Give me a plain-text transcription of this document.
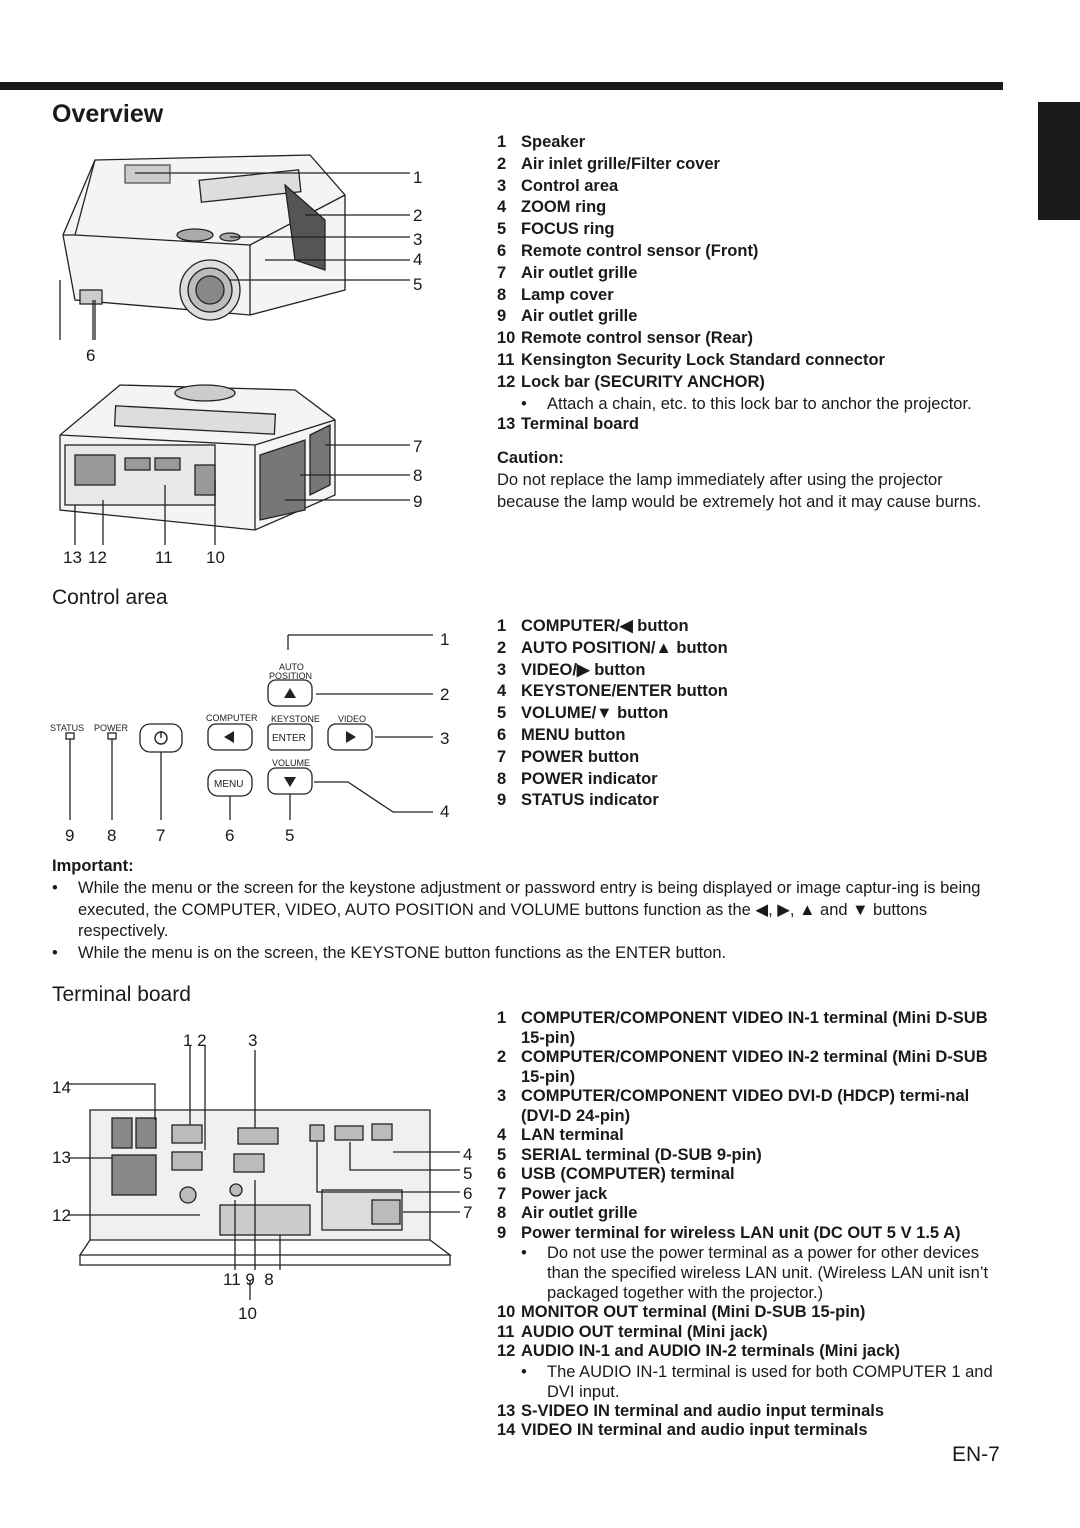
ENGLISH
Overview
1
2
3
4
5
6
7
8
9
13 12	11 10
1 Speaker
2 Air inlet grille/Filter cover
3 Control area
4 ZOOM ring
5 FOCUS ring
6 Remote control sensor (Front)
7 Air outlet grille
8 Lamp cover
9 Air outlet grille
10 Remote control sensor (Rear)
11 Kensington Security Lock Standard connector
12 Lock bar (SECURITY ANCHOR)
•	Attach a chain, etc. to this lock bar to anchor the projector.
13 Terminal board
Caution:
Do not replace the lamp immediately after using the projector because the lamp would be extremely hot and it may cause burns.
Control area
AUTO
POSITION
STATUS POWER
COMPUTER KEYSTONE VIDEO
ENTER
VOLUME
MENU
1
2
3
4
9 8 7	6	5
1 COMPUTER/◀ button
2 AUTO POSITION/▲ button
3 VIDEO/▶ button
4 KEYSTONE/ENTER button
5 VOLUME/▼ button
6 MENU button
7 POWER button
8 POWER indicator
9 STATUS indicator
Important:
•	While the menu or the screen for the keystone adjustment or password entry is being displayed or image captur-ing is being executed, the COMPUTER, VIDEO, AUTO POSITION and VOLUME buttons function as the ◀, ▶, ▲ and ▼ buttons respectively.
•	While the menu is on the screen, the KEYSTONE button functions as the ENTER button.
Terminal board
1 2 3
14
13
12
4
5
6
7
11 9  8
10
1 COMPUTER/COMPONENT VIDEO IN-1 terminal (Mini D-SUB 15-pin)
2 COMPUTER/COMPONENT VIDEO IN-2 terminal (Mini D-SUB 15-pin)
3 COMPUTER/COMPONENT VIDEO DVI-D (HDCP) termi-nal (DVI-D 24-pin)
4 LAN terminal
5 SERIAL terminal (D-SUB 9-pin)
6 USB (COMPUTER) terminal
7 Power jack
8 Air outlet grille
9 Power terminal for wireless LAN unit (DC OUT 5 V 1.5 A)
•	Do not use the power terminal as a power for other devices than the specified wireless LAN unit. (Wireless LAN unit isn’t packaged together with the projector.)
10 MONITOR OUT terminal (Mini D-SUB 15-pin)
11 AUDIO OUT terminal (Mini jack)
12 AUDIO IN-1 and AUDIO IN-2 terminals (Mini jack)
•	The AUDIO IN-1 terminal is used for both COMPUTER 1 and DVI input.
13 S-VIDEO IN terminal and audio input terminals
14 VIDEO IN terminal and audio input terminals
EN-7
